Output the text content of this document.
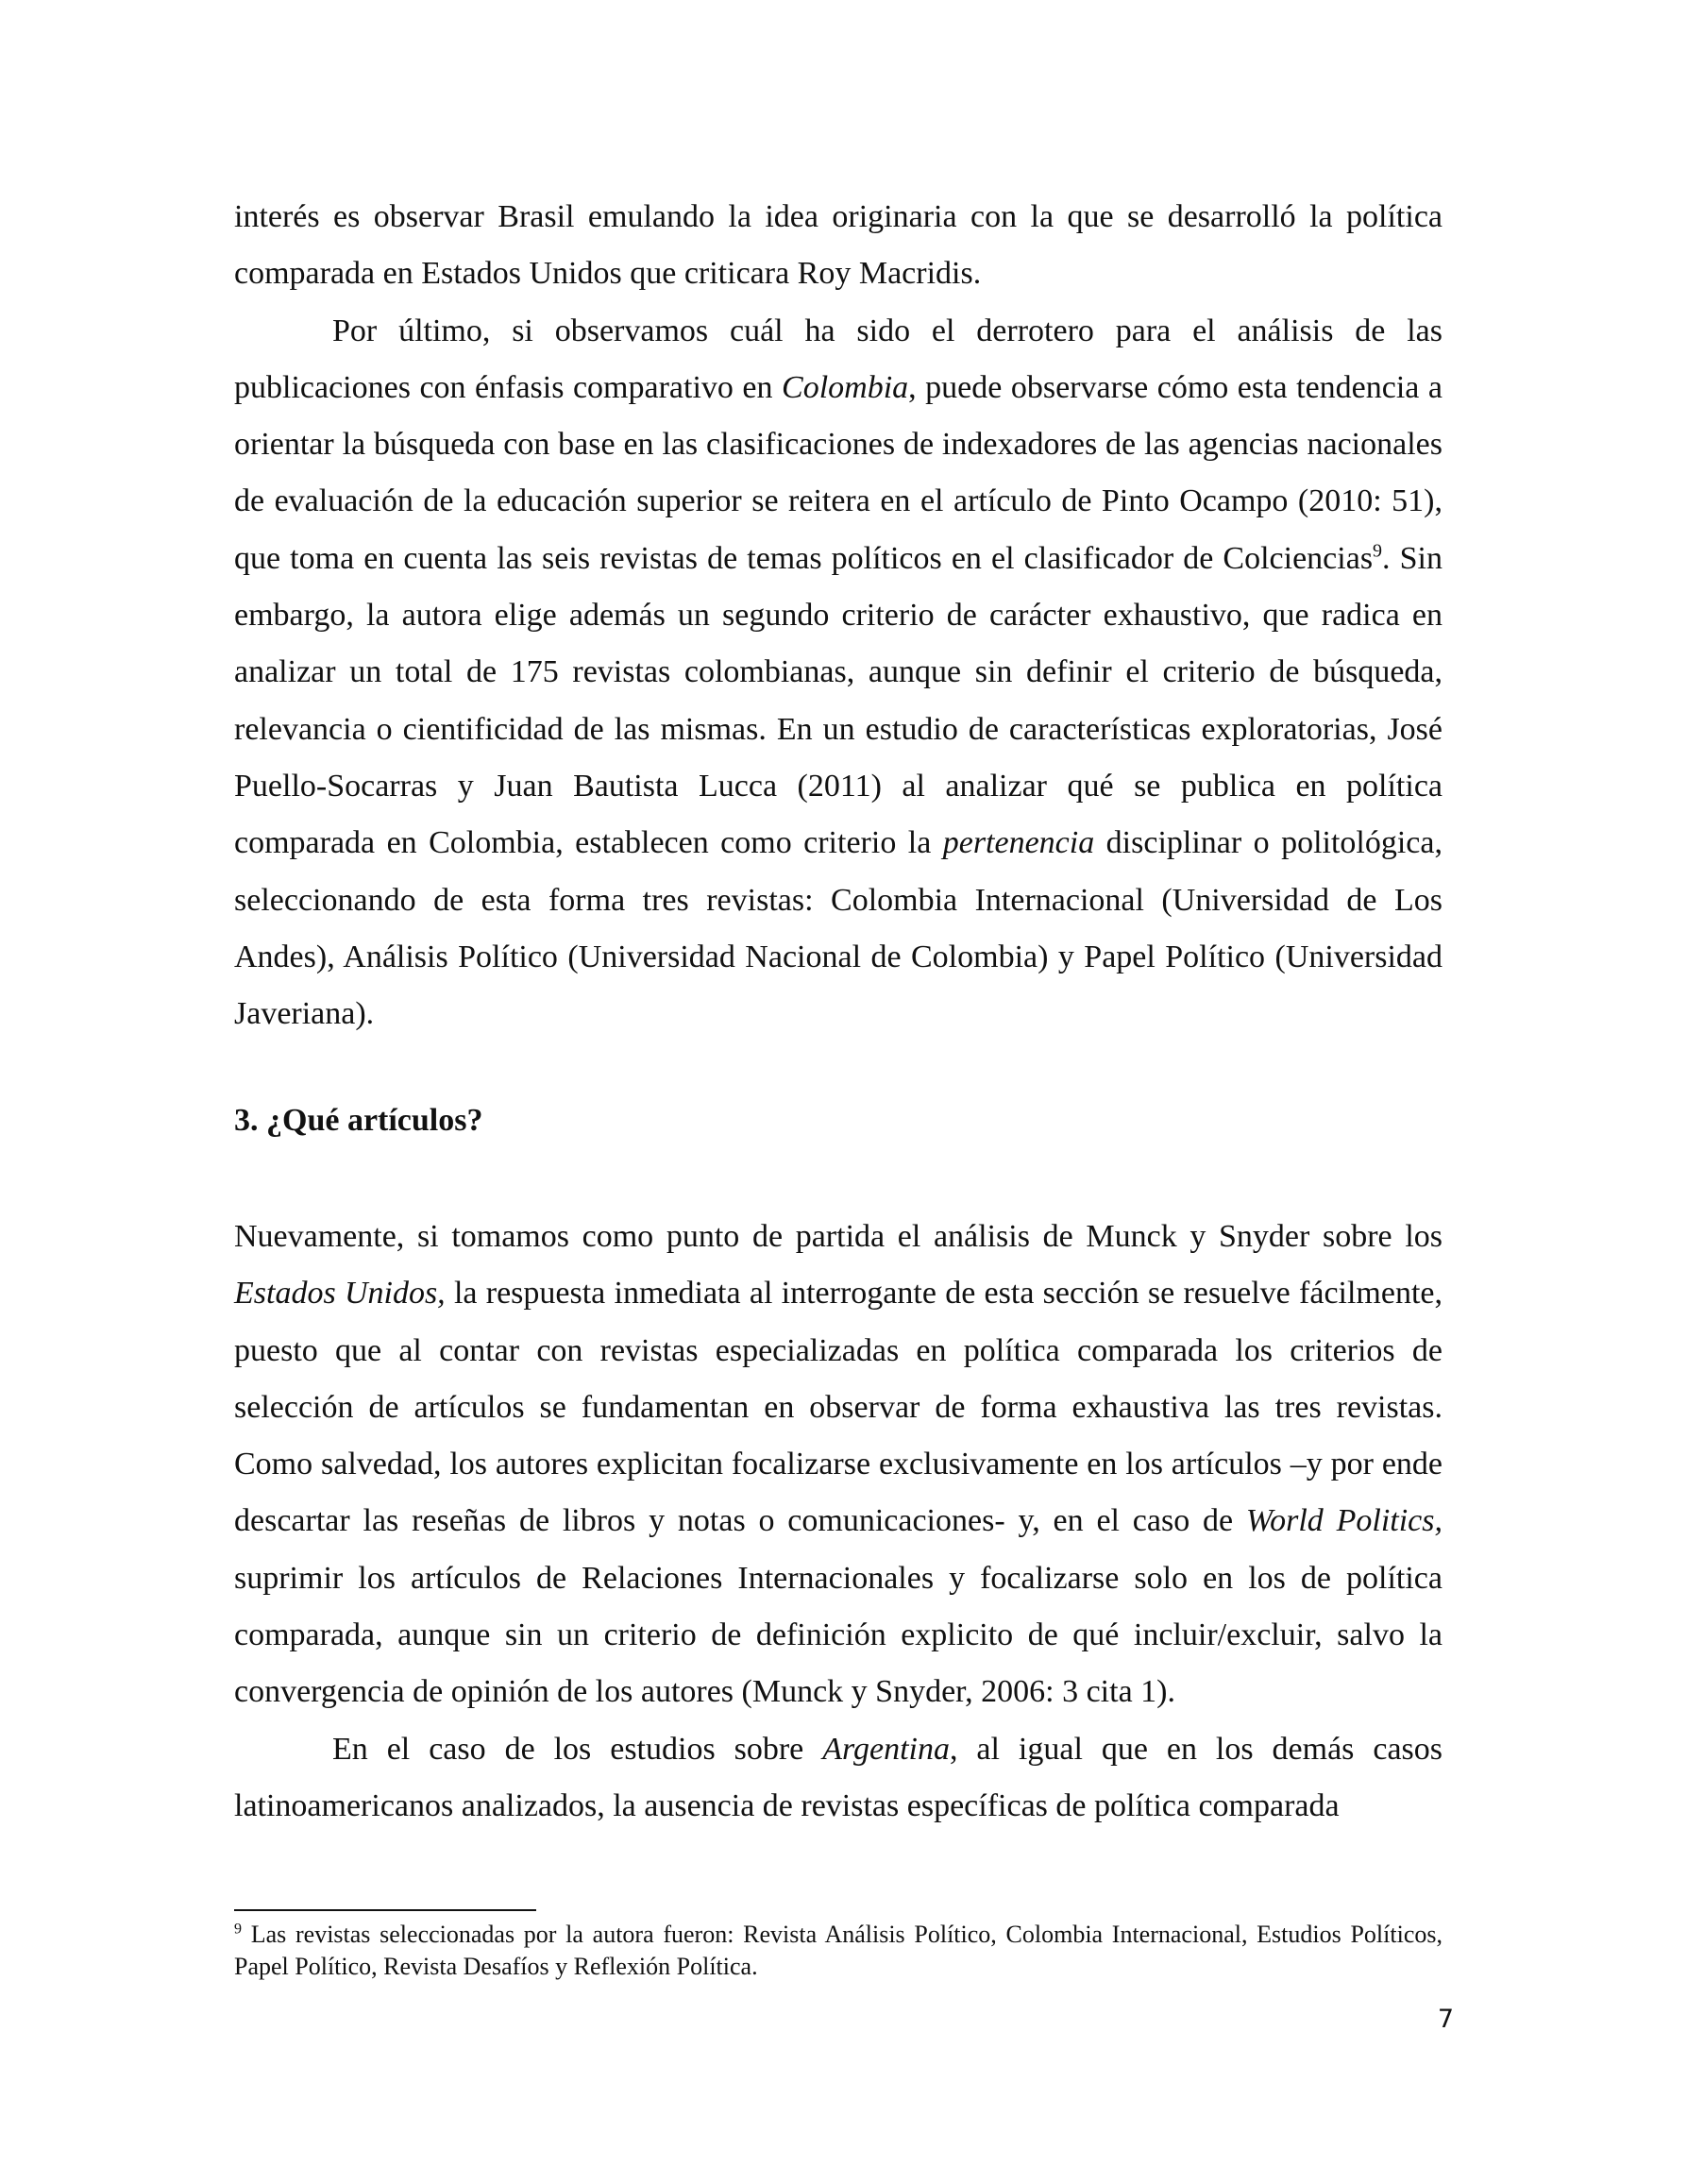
interés es observar Brasil emulando la idea originaria con la que se desarrolló la política comparada en Estados Unidos que criticara Roy Macridis.

Por último, si observamos cuál ha sido el derrotero para el análisis de las publicaciones con énfasis comparativo en Colombia, puede observarse cómo esta tendencia a orientar la búsqueda con base en las clasificaciones de indexadores de las agencias nacionales de evaluación de la educación superior se reitera en el artículo de Pinto Ocampo (2010: 51), que toma en cuenta las seis revistas de temas políticos en el clasificador de Colciencias$^9$. Sin embargo, la autora elige además un segundo criterio de carácter exhaustivo, que radica en analizar un total de 175 revistas colombianas, aunque sin definir el criterio de búsqueda, relevancia o cientificidad de las mismas. En un estudio de características exploratorias, José Puello-Socarras y Juan Bautista Lucca (2011) al analizar qué se publica en política comparada en Colombia, establecen como criterio la pertenencia disciplinar o politológica, seleccionando de esta forma tres revistas: Colombia Internacional (Universidad de Los Andes), Análisis Político (Universidad Nacional de Colombia) y Papel Político (Universidad Javeriana).

3. ¿Qué artículos?

Nuevamente, si tomamos como punto de partida el análisis de Munck y Snyder sobre los Estados Unidos, la respuesta inmediata al interrogante de esta sección se resuelve fácilmente, puesto que al contar con revistas especializadas en política comparada los criterios de selección de artículos se fundamentan en observar de forma exhaustiva las tres revistas. Como salvedad, los autores explicitan focalizarse exclusivamente en los artículos –y por ende descartar las reseñas de libros y notas o comunicaciones- y, en el caso de World Politics, suprimir los artículos de Relaciones Internacionales y focalizarse solo en los de política comparada, aunque sin un criterio de definición explicito de qué incluir/excluir, salvo la convergencia de opinión de los autores (Munck y Snyder, 2006: 3 cita 1).

En el caso de los estudios sobre Argentina, al igual que en los demás casos latinoamericanos analizados, la ausencia de revistas específicas de política comparada

$^9$ Las revistas seleccionadas por la autora fueron: Revista Análisis Político, Colombia Internacional, Estudios Políticos, Papel Político, Revista Desafíos y Reflexión Política.

7
